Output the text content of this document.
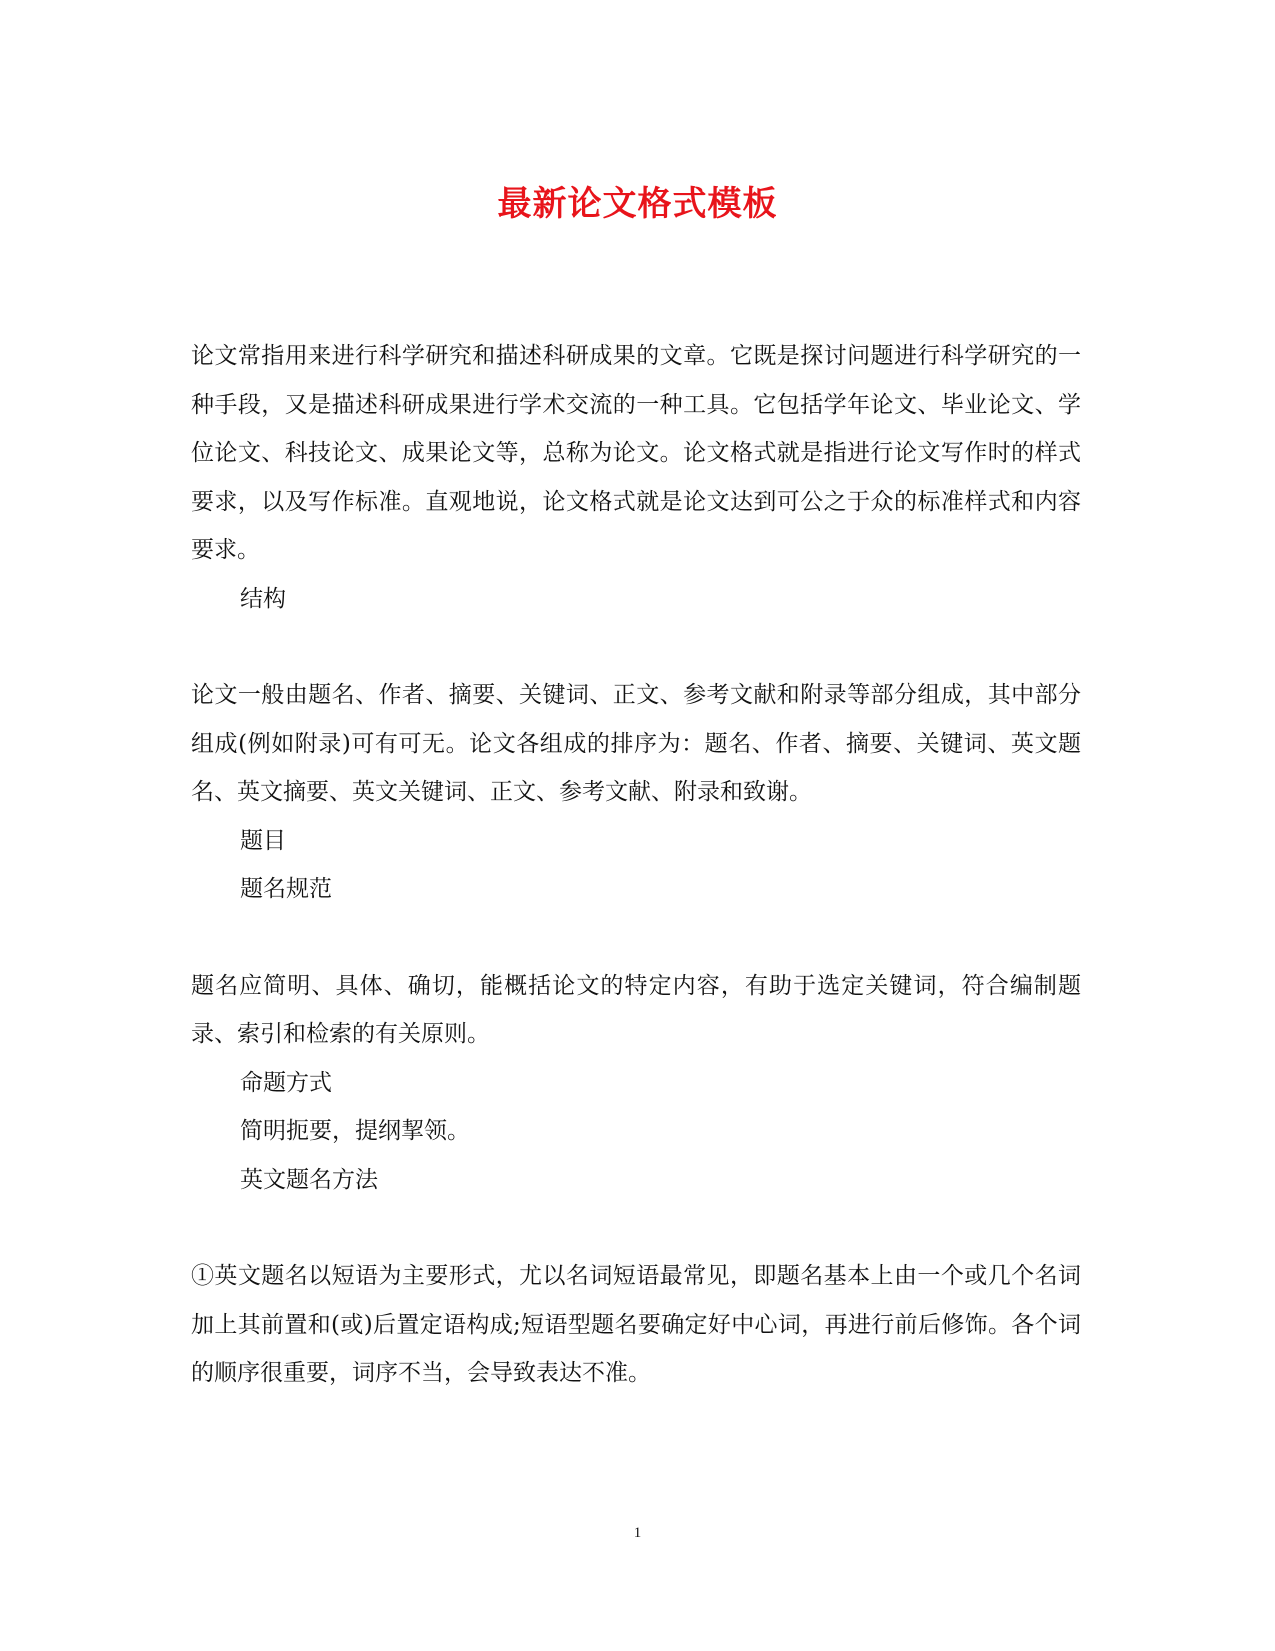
最新论文格式模板

论文常指用来进行科学研究和描述科研成果的文章。它既是探讨问题进行科学研究的一种手段，又是描述科研成果进行学术交流的一种工具。它包括学年论文、毕业论文、学位论文、科技论文、成果论文等，总称为论文。论文格式就是指进行论文写作时的样式要求，以及写作标准。直观地说，论文格式就是论文达到可公之于众的标准样式和内容要求。

结构

论文一般由题名、作者、摘要、关键词、正文、参考文献和附录等部分组成，其中部分组成(例如附录)可有可无。论文各组成的排序为：题名、作者、摘要、关键词、英文题名、英文摘要、英文关键词、正文、参考文献、附录和致谢。

题目

题名规范

题名应简明、具体、确切，能概括论文的特定内容，有助于选定关键词，符合编制题录、索引和检索的有关原则。

命题方式

简明扼要，提纲挈领。

英文题名方法

①英文题名以短语为主要形式，尤以名词短语最常见，即题名基本上由一个或几个名词加上其前置和(或)后置定语构成;短语型题名要确定好中心词，再进行前后修饰。各个词的顺序很重要，词序不当，会导致表达不准。

1
